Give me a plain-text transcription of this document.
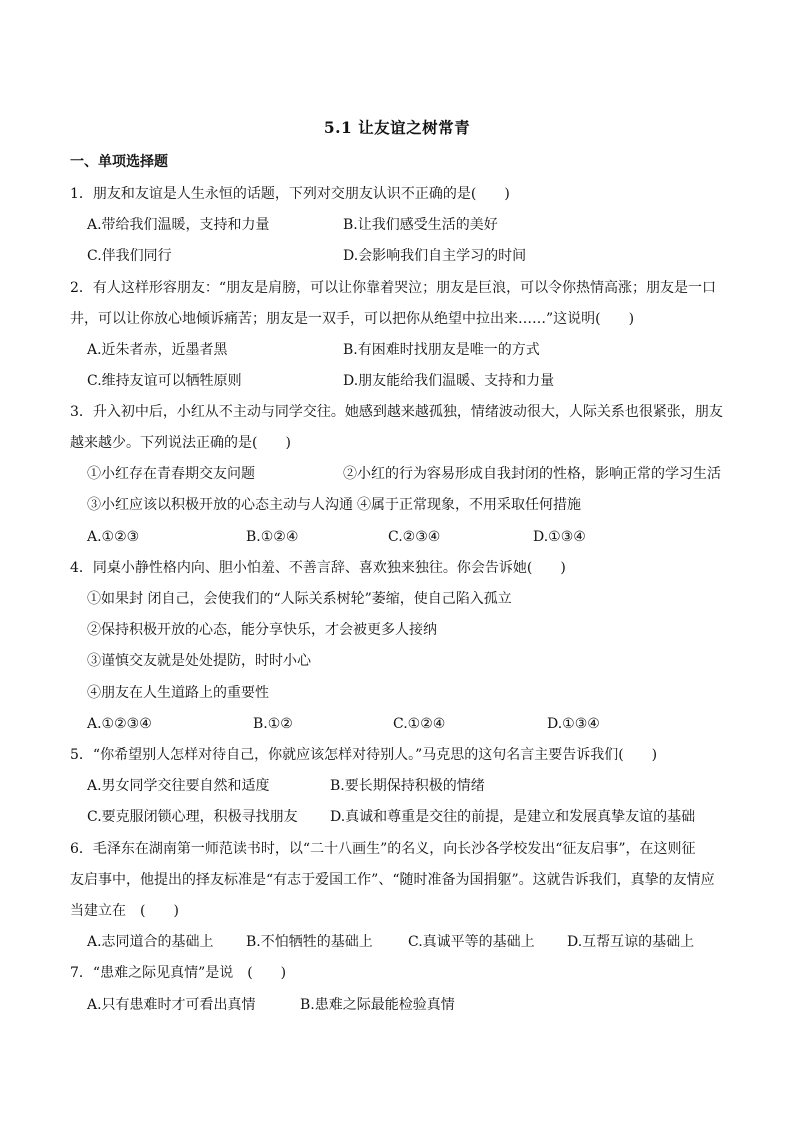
5.1 让友谊之树常青
一、单项选择题
1．朋友和友谊是人生永恒的话题，下列对交朋友认识不正确的是(　　)
A.带给我们温暖，支持和力量	B.让我们感受生活的美好
C.伴我们同行	D.会影响我们自主学习的时间
2．有人这样形容朋友：“朋友是肩膀，可以让你靠着哭泣；朋友是巨浪，可以令你热情高涨；朋友是一口
井，可以让你放心地倾诉痛苦；朋友是一双手，可以把你从绝望中拉出来……”这说明(　　)
A.近朱者赤，近墨者黑	B.有困难时找朋友是唯一的方式
C.维持友谊可以牺牲原则	D.朋友能给我们温暖、支持和力量
3．升入初中后，小红从不主动与同学交往。她感到越来越孤独，情绪波动很大，人际关系也很紧张，朋友
越来越少。下列说法正确的是(　　)
①小红存在青春期交友问题	②小红的行为容易形成自我封闭的性格，影响正常的学习生活
③小红应该以积极开放的心态主动与人沟通 ④属于正常现象，不用采取任何措施
A.①②③	B.①②④	C.②③④	D.①③④
4．同桌小静性格内向、胆小怕羞、不善言辞、喜欢独来独往。你会告诉她(　　)
①如果封 闭自己，会使我们的“人际关系树轮”萎缩，使自己陷入孤立
②保持积极开放的心态，能分享快乐，才会被更多人接纳
③谨慎交友就是处处提防，时时小心
④朋友在人生道路上的重要性
A.①②③④	B.①②	C.①②④	D.①③④
5．“你希望别人怎样对待自己，你就应该怎样对待别人。”马克思的这句名言主要告诉我们(　　)
A.男女同学交往要自然和适度	B.要长期保持积极的情绪
C.要克服闭锁心理，积极寻找朋友 D.真诚和尊重是交往的前提，是建立和发展真挚友谊的基础
6．毛泽东在湖南第一师范读书时，以“二十八画生”的名义，向长沙各学校发出“征友启事”，在这则征
友启事中，他提出的择友标准是“有志于爱国工作”、“随时准备为国捐躯”。这就告诉我们，真挚的友情应
当建立在　(　　)
A.志同道合的基础上 B.不怕牺牲的基础上	C.真诚平等的基础上 D.互帮互谅的基础上
7．“患难之际见真情”是说　(　　)
A.只有患难时才可看出真情	B.患难之际最能检验真情
